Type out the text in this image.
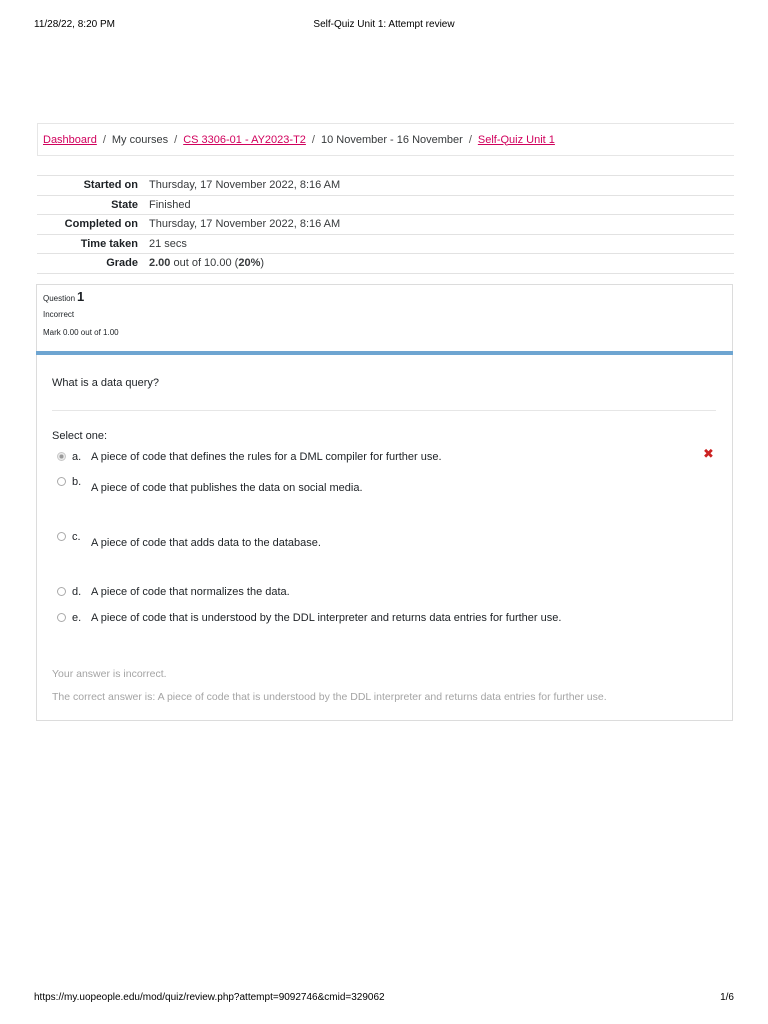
11/28/22, 8:20 PM	Self-Quiz Unit 1: Attempt review
Dashboard / My courses / CS 3306-01 - AY2023-T2 / 10 November - 16 November / Self-Quiz Unit 1
Started on	Thursday, 17 November 2022, 8:16 AM
State	Finished
Completed on	Thursday, 17 November 2022, 8:16 AM
Time taken	21 secs
Grade	2.00 out of 10.00 (20%)
Question 1
Incorrect
Mark 0.00 out of 1.00
What is a data query?
Select one:
a. A piece of code that defines the rules for a DML compiler for further use.	✖
b. A piece of code that publishes the data on social media.
c. A piece of code that adds data to the database.
d. A piece of code that normalizes the data.
e. A piece of code that is understood by the DDL interpreter and returns data entries for further use.
Your answer is incorrect.
The correct answer is: A piece of code that is understood by the DDL interpreter and returns data entries for further use.
https://my.uopeople.edu/mod/quiz/review.php?attempt=9092746&cmid=329062	1/6
